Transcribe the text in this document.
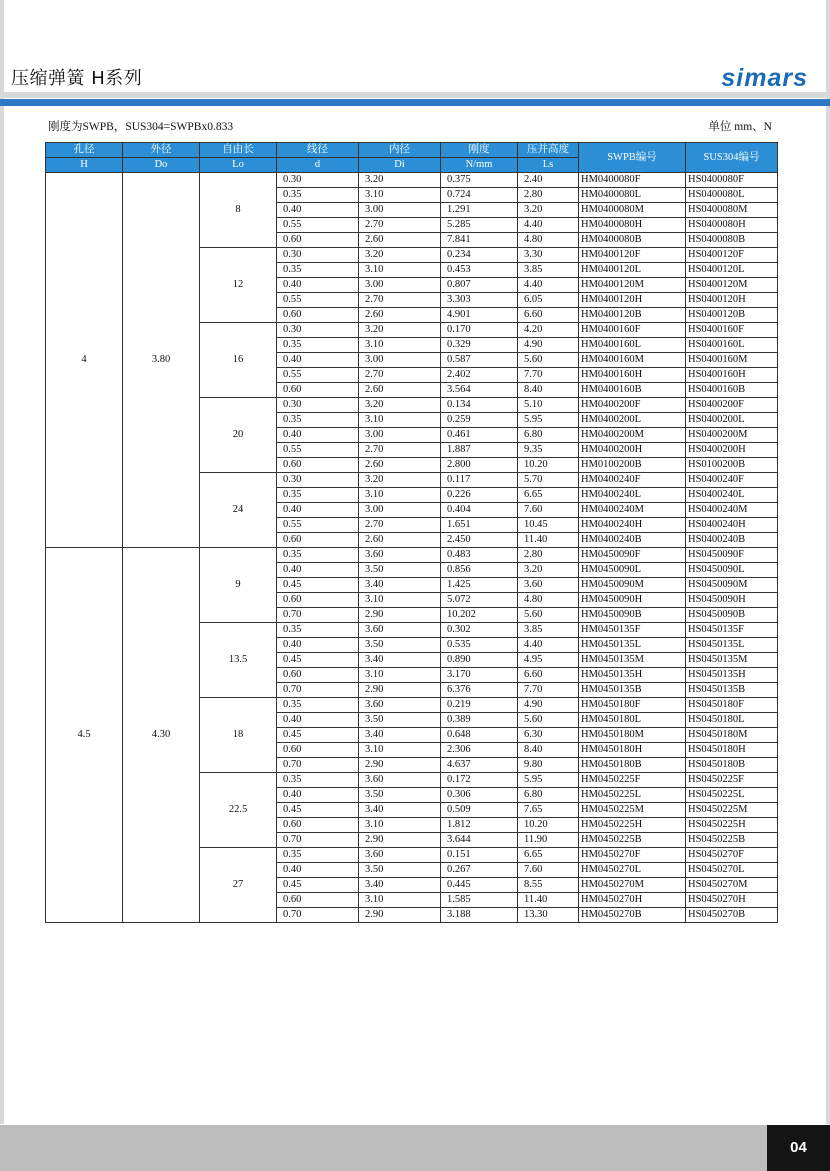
压缩弹簧 H系列	simars
刚度为SWPB，SUS304=SWPBx0.833	单位 mm、N
孔径	外径	自由长	线径	内径	刚度	压并高度	SWPB编号	SUS304编号
H	Do	Lo	d	Di	N/mm	Ls		
4	3.80	8	0.30	3.20	0.375	2.40	HM0400080F	HS0400080F
			0.35	3.10	0.724	2.80	HM0400080L	HS0400080L
			0.40	3.00	1.291	3.20	HM0400080M	HS0400080M
			0.55	2.70	5.285	4.40	HM0400080H	HS0400080H
			0.60	2.60	7.841	4.80	HM0400080B	HS0400080B
		12	0.30	3.20	0.234	3.30	HM0400120F	HS0400120F
			0.35	3.10	0.453	3.85	HM0400120L	HS0400120L
			0.40	3.00	0.807	4.40	HM0400120M	HS0400120M
			0.55	2.70	3.303	6.05	HM0400120H	HS0400120H
			0.60	2.60	4.901	6.60	HM0400120B	HS0400120B
		16	0.30	3.20	0.170	4.20	HM0400160F	HS0400160F
			0.35	3.10	0.329	4.90	HM0400160L	HS0400160L
			0.40	3.00	0.587	5.60	HM0400160M	HS0400160M
			0.55	2.70	2.402	7.70	HM0400160H	HS0400160H
			0.60	2.60	3.564	8.40	HM0400160B	HS0400160B
		20	0.30	3.20	0.134	5.10	HM0400200F	HS0400200F
			0.35	3.10	0.259	5.95	HM0400200L	HS0400200L
			0.40	3.00	0.461	6.80	HM0400200M	HS0400200M
			0.55	2.70	1.887	9.35	HM0400200H	HS0400200H
			0.60	2.60	2.800	10.20	HM0100200B	HS0100200B
		24	0.30	3.20	0.117	5.70	HM0400240F	HS0400240F
			0.35	3.10	0.226	6.65	HM0400240L	HS0400240L
			0.40	3.00	0.404	7.60	HM0400240M	HS0400240M
			0.55	2.70	1.651	10.45	HM0400240H	HS0400240H
			0.60	2.60	2.450	11.40	HM0400240B	HS0400240B
4.5	4.30	9	0.35	3.60	0.483	2.80	HM0450090F	HS0450090F
			0.40	3.50	0.856	3.20	HM0450090L	HS0450090L
			0.45	3.40	1.425	3.60	HM0450090M	HS0450090M
			0.60	3.10	5.072	4.80	HM0450090H	HS0450090H
			0.70	2.90	10.202	5.60	HM0450090B	HS0450090B
		13.5	0.35	3.60	0.302	3.85	HM0450135F	HS0450135F
			0.40	3.50	0.535	4.40	HM0450135L	HS0450135L
			0.45	3.40	0.890	4.95	HM0450135M	HS0450135M
			0.60	3.10	3.170	6.60	HM0450135H	HS0450135H
			0.70	2.90	6.376	7.70	HM0450135B	HS0450135B
		18	0.35	3.60	0.219	4.90	HM0450180F	HS0450180F
			0.40	3.50	0.389	5.60	HM0450180L	HS0450180L
			0.45	3.40	0.648	6.30	HM0450180M	HS0450180M
			0.60	3.10	2.306	8.40	HM0450180H	HS0450180H
			0.70	2.90	4.637	9.80	HM0450180B	HS0450180B
		22.5	0.35	3.60	0.172	5.95	HM0450225F	HS0450225F
			0.40	3.50	0.306	6.80	HM0450225L	HS0450225L
			0.45	3.40	0.509	7.65	HM0450225M	HS0450225M
			0.60	3.10	1.812	10.20	HM0450225H	HS0450225H
			0.70	2.90	3.644	11.90	HM0450225B	HS0450225B
		27	0.35	3.60	0.151	6.65	HM0450270F	HS0450270F
			0.40	3.50	0.267	7.60	HM0450270L	HS0450270L
			0.45	3.40	0.445	8.55	HM0450270M	HS0450270M
			0.60	3.10	1.585	11.40	HM0450270H	HS0450270H
			0.70	2.90	3.188	13.30	HM0450270B	HS0450270B
04
